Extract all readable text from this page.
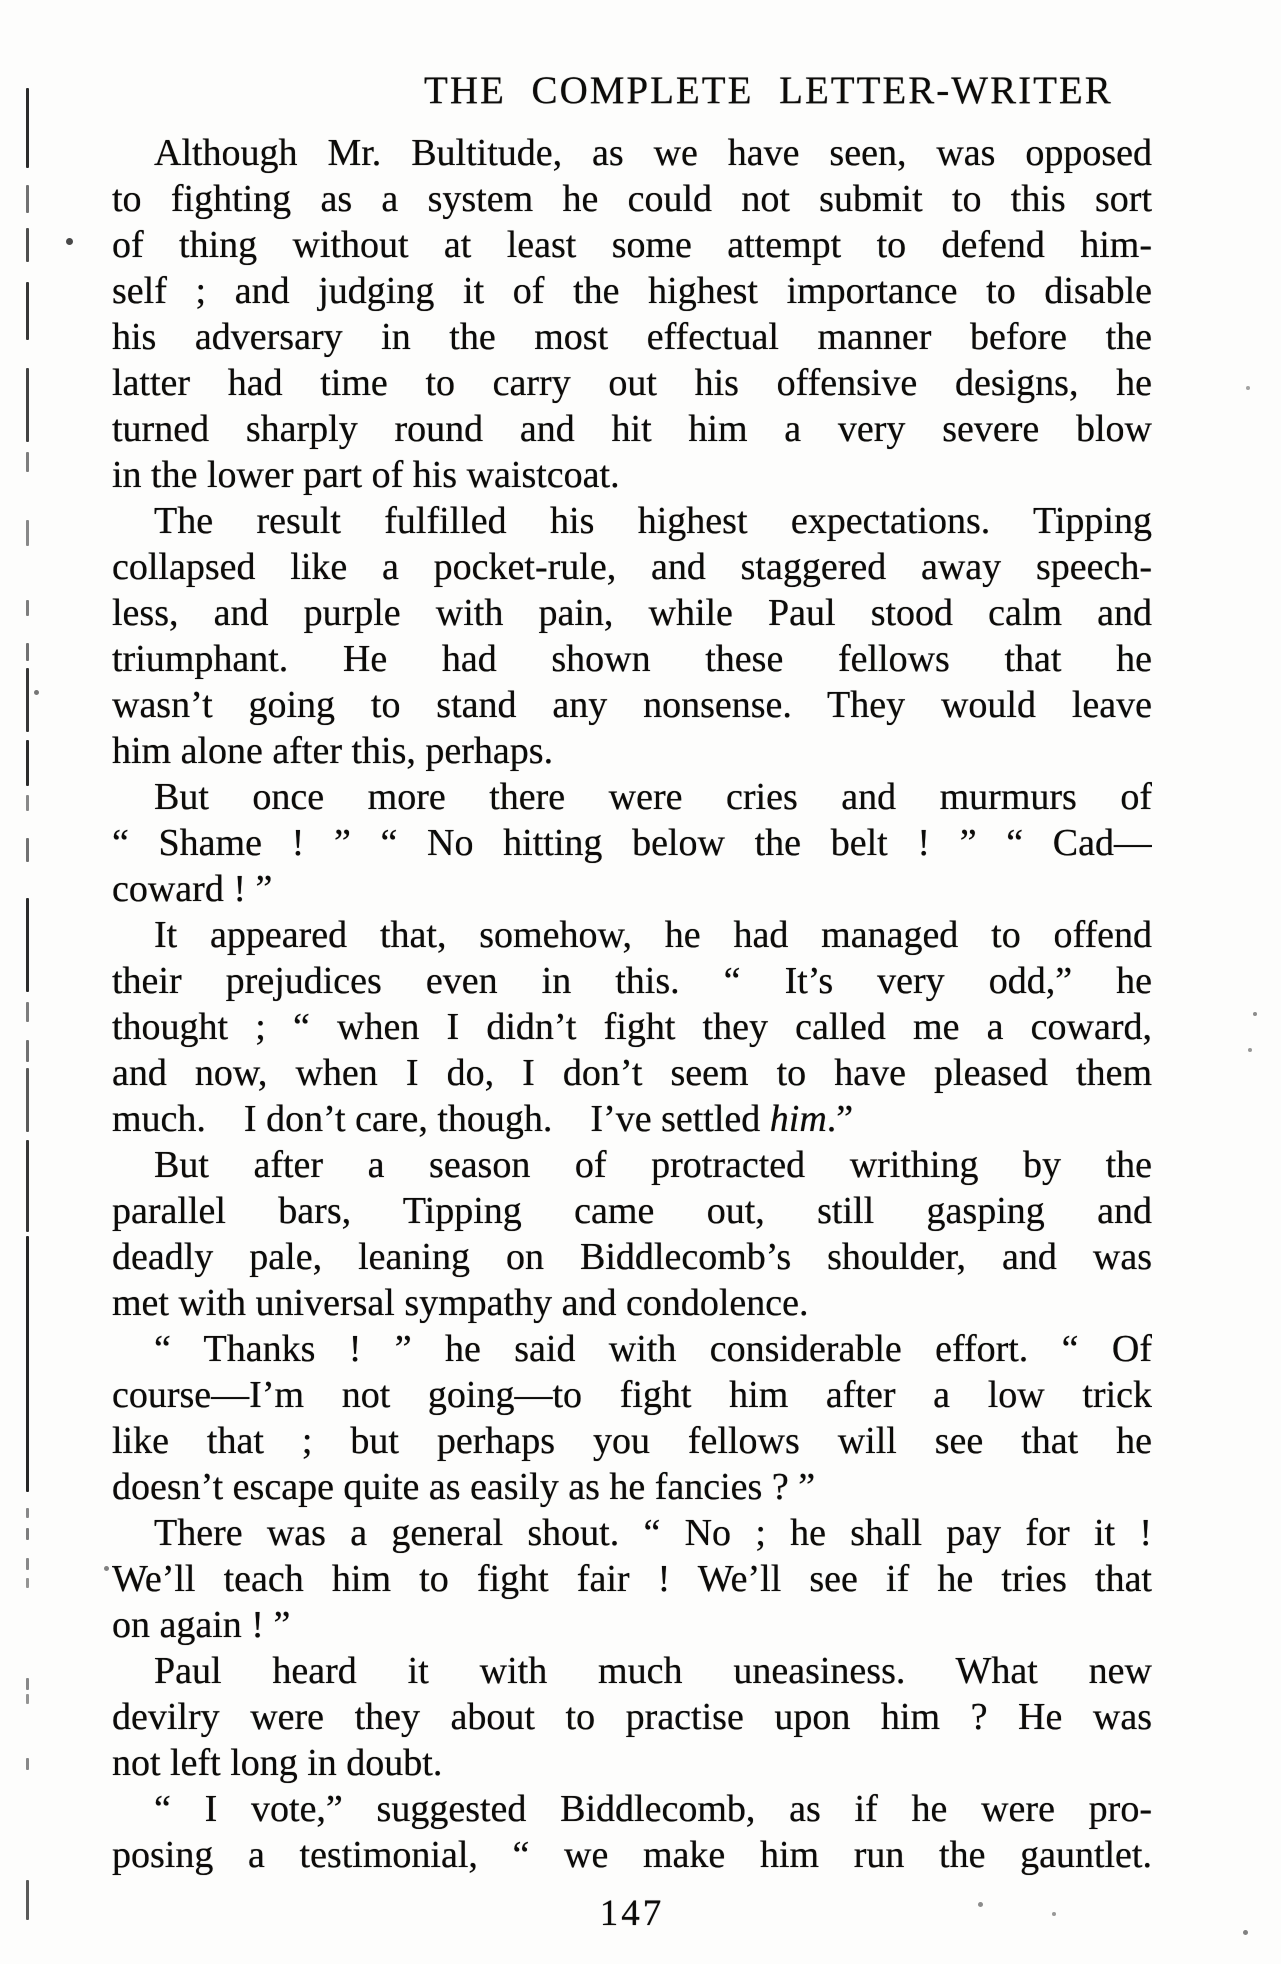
THE COMPLETE LETTER-WRITER
Although Mr. Bultitude, as we have seen, was opposed
to fighting as a system he could not submit to this sort
of thing without at least some attempt to defend him-
self ; and judging it of the highest importance to disable
his adversary in the most effectual manner before the
latter had time to carry out his offensive designs, he
turned sharply round and hit him a very severe blow
in the lower part of his waistcoat.
The result fulfilled his highest expectations. Tipping
collapsed like a pocket-rule, and staggered away speech-
less, and purple with pain, while Paul stood calm and
triumphant. He had shown these fellows that he
wasn’t going to stand any nonsense. They would leave
him alone after this, perhaps.
But once more there were cries and murmurs of
“ Shame ! ” “ No hitting below the belt ! ” “ Cad—
coward ! ”
It appeared that, somehow, he had managed to offend
their prejudices even in this. “ It’s very odd,” he
thought ; “ when I didn’t fight they called me a coward,
and now, when I do, I don’t seem to have pleased them
much. I don’t care, though. I’ve settled him.”
But after a season of protracted writhing by the
parallel bars, Tipping came out, still gasping and
deadly pale, leaning on Biddlecomb’s shoulder, and was
met with universal sympathy and condolence.
“ Thanks ! ” he said with considerable effort. “ Of
course—I’m not going—to fight him after a low trick
like that ; but perhaps you fellows will see that he
doesn’t escape quite as easily as he fancies ? ”
There was a general shout. “ No ; he shall pay for it !
We’ll teach him to fight fair ! We’ll see if he tries that
on again ! ”
Paul heard it with much uneasiness. What new
devilry were they about to practise upon him ? He was
not left long in doubt.
“ I vote,” suggested Biddlecomb, as if he were pro-
posing a testimonial, “ we make him run the gauntlet.
147
